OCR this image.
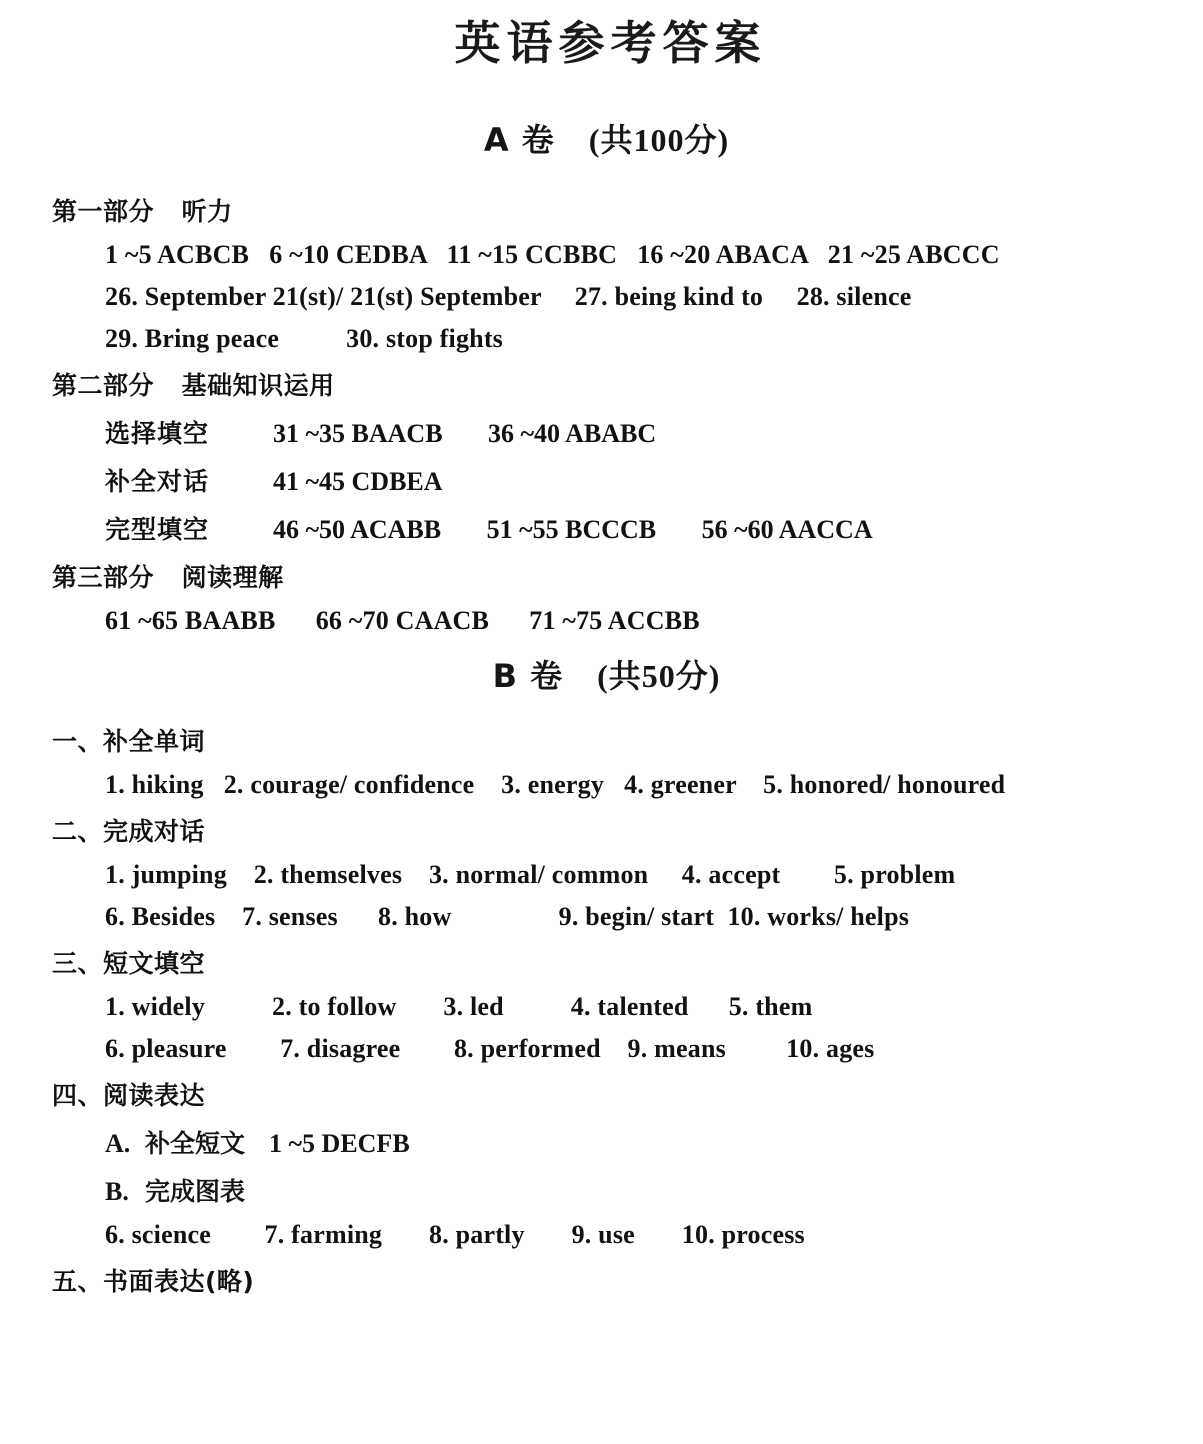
英语参考答案
A 卷 (共100分)
第一部分   听力
1 ~5 ACBCB   6 ~10 CEDBA   11 ~15 CCBBC   16 ~20 ABACA   21 ~25 ABCCC
26. September 21(st)/ 21(st) September     27. being kind to     28. silence
29. Bring peace          30. stop fights
第二部分   基础知识运用
选择填空	31 ~35 BAACB       36 ~40 ABABC
补全对话	41 ~45 CDBEA
完型填空	46 ~50 ACABB       51 ~55 BCCCB       56 ~60 AACCA
第三部分   阅读理解
61 ~65 BAABB      66 ~70 CAACB      71 ~75 ACCBB
B 卷 (共50分)
一、补全单词
1. hiking   2. courage/ confidence    3. energy   4. greener    5. honored/ honoured
二、完成对话
1. jumping    2. themselves    3. normal/ common     4. accept        5. problem
6. Besides    7. senses      8. how                9. begin/ start  10. works/ helps
三、短文填空
1. widely          2. to follow       3. led          4. talented      5. them
6. pleasure        7. disagree        8. performed    9. means         10. ages
四、阅读表达
A. 补全短文 1 ~5 DECFB
B. 完成图表
6. science        7. farming       8. partly       9. use       10. process
五、书面表达(略)
